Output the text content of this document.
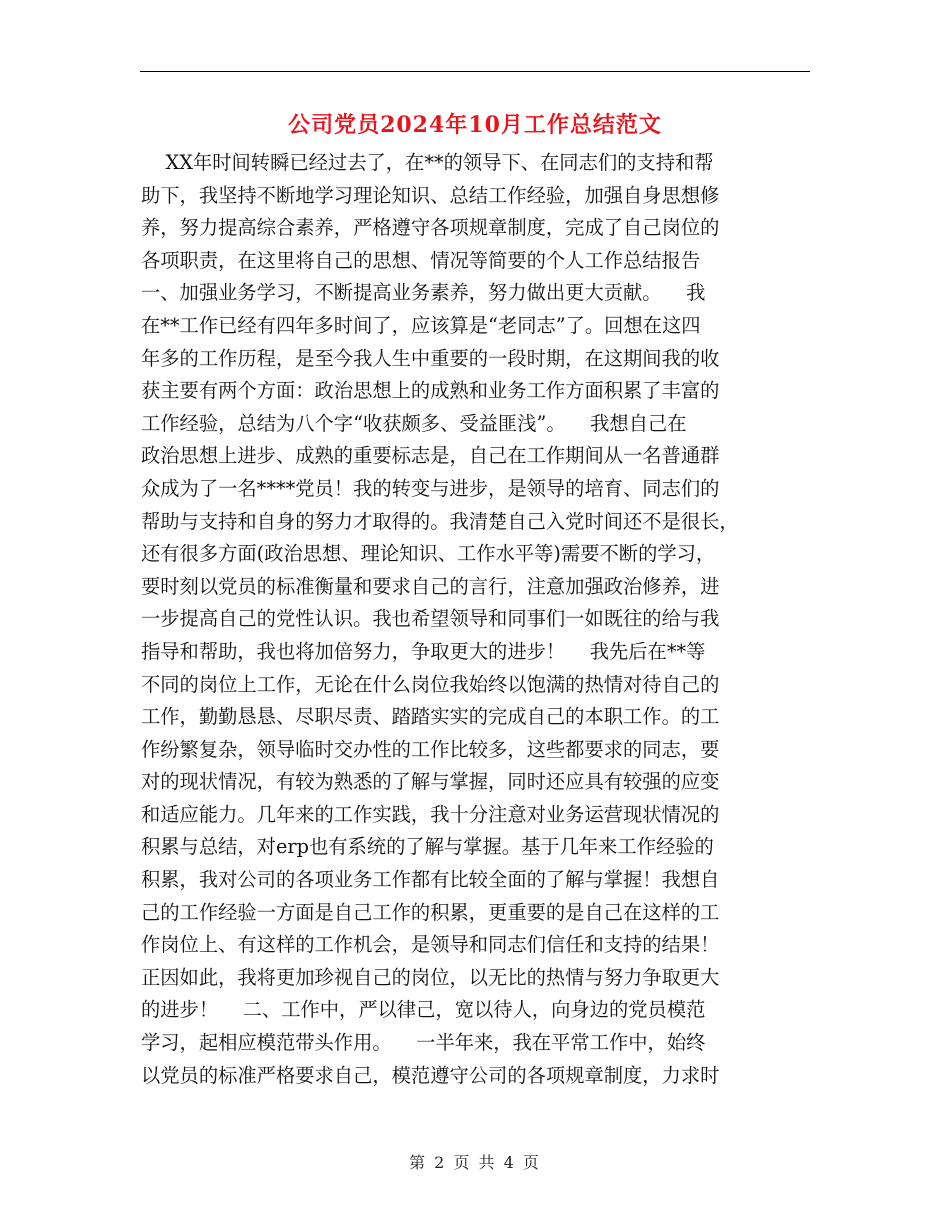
公司党员2024年10月工作总结范文
XX年时间转瞬已经过去了，在**的领导下、在同志们的支持和帮
助下，我坚持不断地学习理论知识、总结工作经验，加强自身思想修
养，努力提高综合素养，严格遵守各项规章制度，完成了自己岗位的
各项职责，在这里将自己的思想、情况等简要的个人工作总结报告
一、加强业务学习，不断提高业务素养，努力做出更大贡献。    我
在**工作已经有四年多时间了，应该算是“老同志”了。回想在这四
年多的工作历程，是至今我人生中重要的一段时期，在这期间我的收
获主要有两个方面：政治思想上的成熟和业务工作方面积累了丰富的
工作经验，总结为八个字“收获颇多、受益匪浅”。    我想自己在
政治思想上进步、成熟的重要标志是，自己在工作期间从一名普通群
众成为了一名****党员！我的转变与进步，是领导的培育、同志们的
帮助与支持和自身的努力才取得的。我清楚自己入党时间还不是很长，
还有很多方面(政治思想、理论知识、工作水平等)需要不断的学习，
要时刻以党员的标准衡量和要求自己的言行，注意加强政治修养，进
一步提高自己的党性认识。我也希望领导和同事们一如既往的给与我
指导和帮助，我也将加倍努力，争取更大的进步！    我先后在**等
不同的岗位上工作，无论在什么岗位我始终以饱满的热情对待自己的
工作，勤勤恳恳、尽职尽责、踏踏实实的完成自己的本职工作。的工
作纷繁复杂，领导临时交办性的工作比较多，这些都要求的同志，要
对的现状情况，有较为熟悉的了解与掌握，同时还应具有较强的应变
和适应能力。几年来的工作实践，我十分注意对业务运营现状情况的
积累与总结，对erp也有系统的了解与掌握。基于几年来工作经验的
积累，我对公司的各项业务工作都有比较全面的了解与掌握！我想自
己的工作经验一方面是自己工作的积累，更重要的是自己在这样的工
作岗位上、有这样的工作机会，是领导和同志们信任和支持的结果！
正因如此，我将更加珍视自己的岗位，以无比的热情与努力争取更大
的进步！    二、工作中，严以律己，宽以待人，向身边的党员模范
学习，起相应模范带头作用。    一半年来，我在平常工作中，始终
以党员的标准严格要求自己，模范遵守公司的各项规章制度，力求时
第 2 页 共 4 页
